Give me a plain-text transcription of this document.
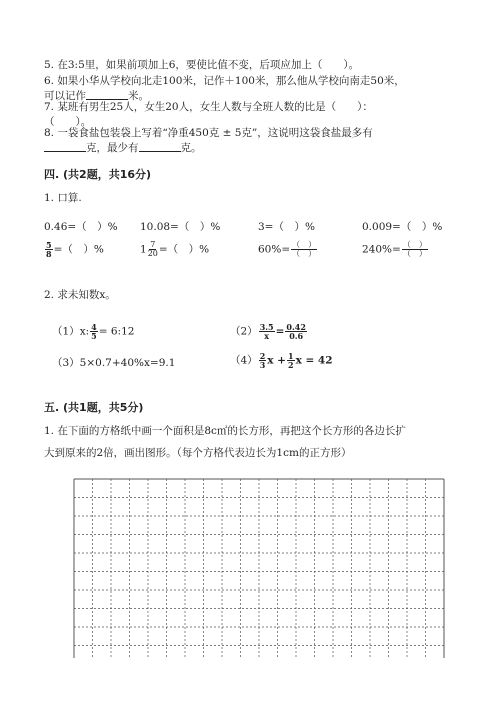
5. 在3:5里，如果前项加上6，要使比值不变，后项应加上（　　）。
6. 如果小华从学校向北走100米，记作＋100米，那么他从学校向南走50米，
可以记作	米。
7. 某班有男生25人，女生20人，女生人数与全班人数的比是（　　）：
（　　）。
8. 一袋食盐包装袋上写着“净重450克 ± 5克”，这说明这袋食盐最多有
克，最少有	克。
四. (共2题，共16分)
1. 口算.
0.46=（　）% 10.08=（　）%	3=（　）%	0.009=（　）%
$\frac{5}{8}$ =（　）%	$1 \frac{7}{20}$ =（　）%	$60\%= \frac{( )}{( )}$	$240\%= \frac{( )}{( )}$
2. 求未知数x。
（1）x: $\frac{4}{5}$ = 6:12	$(2) \frac{3.5}{x} = \frac{0.42}{0.6}$
（3）5×0.7+40%x=9.1	$(4) \frac{2}{3}$ $x + \frac{1}{2}$ x = 42
五. (共1题，共5分)
1. 在下面的方格纸中画一个面积是8c㎡的长方形，再把这个长方形的各边长扩
大到原来的2倍，画出图形。（每个方格代表边长为1cm的正方形）
